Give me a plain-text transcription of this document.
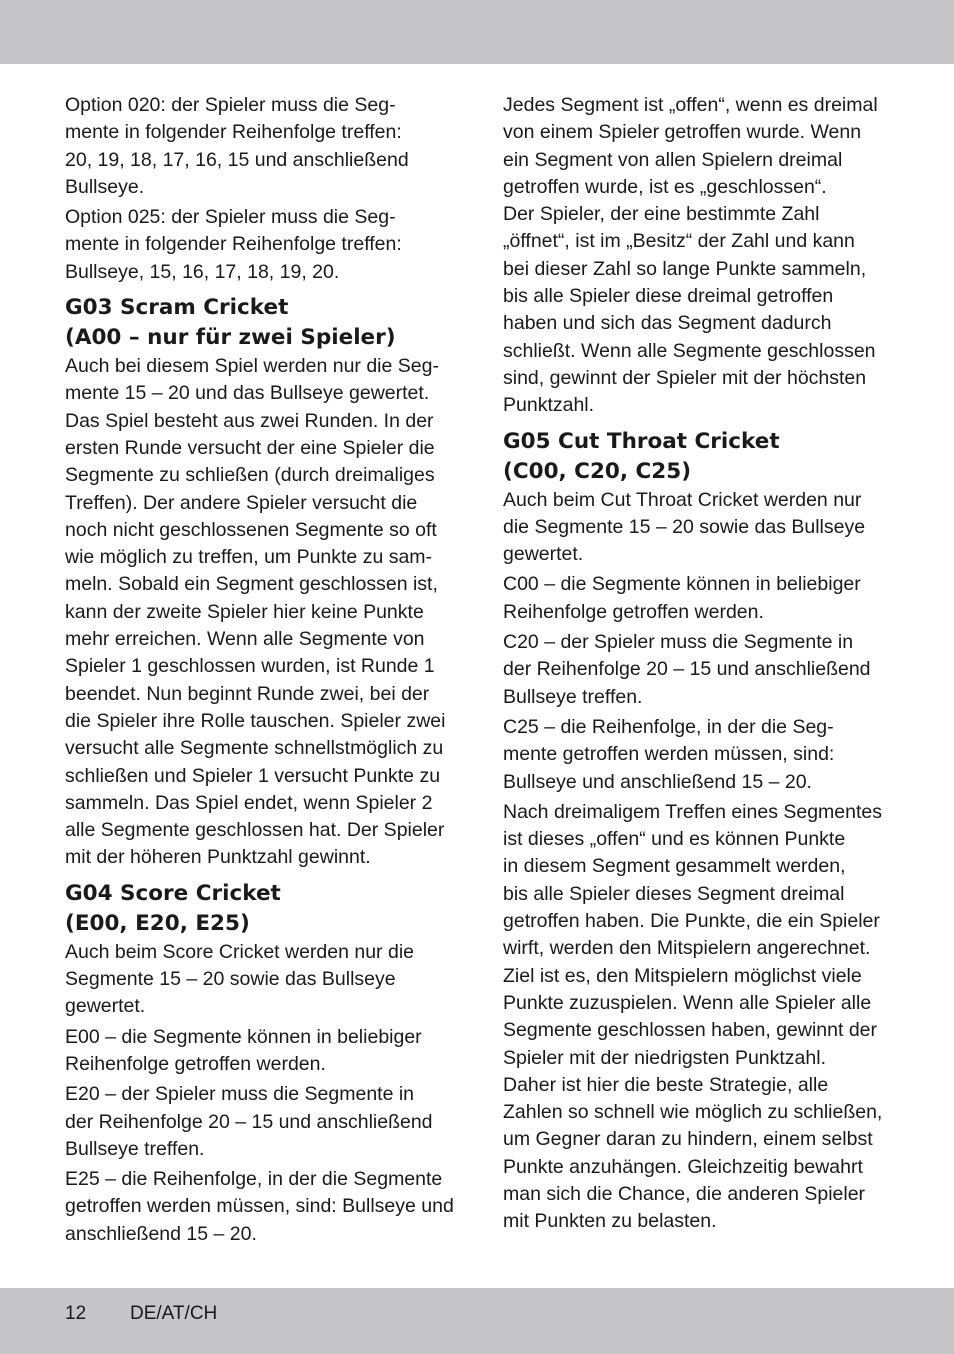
Option 020: der Spieler muss die Seg-
mente in folgender Reihenfolge treffen:
20, 19, 18, 17, 16, 15 und anschließend
Bullseye.

Option 025: der Spieler muss die Seg-
mente in folgender Reihenfolge treffen:
Bullseye, 15, 16, 17, 18, 19, 20.

G03 Scram Cricket
(A00 – nur für zwei Spieler)

Auch bei diesem Spiel werden nur die Seg-
mente 15 – 20 und das Bullseye gewertet.
Das Spiel besteht aus zwei Runden. In der
ersten Runde versucht der eine Spieler die
Segmente zu schließen (durch dreimaliges
Treffen). Der andere Spieler versucht die
noch nicht geschlossenen Segmente so oft
wie möglich zu treffen, um Punkte zu sam-
meln. Sobald ein Segment geschlossen ist,
kann der zweite Spieler hier keine Punkte
mehr erreichen. Wenn alle Segmente von
Spieler 1 geschlossen wurden, ist Runde 1
beendet. Nun beginnt Runde zwei, bei der
die Spieler ihre Rolle tauschen. Spieler zwei
versucht alle Segmente schnellstmöglich zu
schließen und Spieler 1 versucht Punkte zu
sammeln. Das Spiel endet, wenn Spieler 2
alle Segmente geschlossen hat. Der Spieler
mit der höheren Punktzahl gewinnt.

G04 Score Cricket
(E00, E20, E25)

Auch beim Score Cricket werden nur die
Segmente 15 – 20 sowie das Bullseye
gewertet.

E00 – die Segmente können in beliebiger
Reihenfolge getroffen werden.

E20 – der Spieler muss die Segmente in
der Reihenfolge 20 – 15 und anschließend
Bullseye treffen.

E25 – die Reihenfolge, in der die Segmente
getroffen werden müssen, sind: Bullseye und
anschließend 15 – 20.

Jedes Segment ist „offen“, wenn es dreimal
von einem Spieler getroffen wurde. Wenn
ein Segment von allen Spielern dreimal
getroffen wurde, ist es „geschlossen“.
Der Spieler, der eine bestimmte Zahl
„öffnet“, ist im „Besitz“ der Zahl und kann
bei dieser Zahl so lange Punkte sammeln,
bis alle Spieler diese dreimal getroffen
haben und sich das Segment dadurch
schließt. Wenn alle Segmente geschlossen
sind, gewinnt der Spieler mit der höchsten
Punktzahl.

G05 Cut Throat Cricket
(C00, C20, C25)

Auch beim Cut Throat Cricket werden nur
die Segmente 15 – 20 sowie das Bullseye
gewertet.

C00 – die Segmente können in beliebiger
Reihenfolge getroffen werden.

C20 – der Spieler muss die Segmente in
der Reihenfolge 20 – 15 und anschließend
Bullseye treffen.

C25 – die Reihenfolge, in der die Seg-
mente getroffen werden müssen, sind:
Bullseye und anschließend 15 – 20.

Nach dreimaligem Treffen eines Segmentes
ist dieses „offen“ und es können Punkte
in diesem Segment gesammelt werden,
bis alle Spieler dieses Segment dreimal
getroffen haben. Die Punkte, die ein Spieler
wirft, werden den Mitspielern angerechnet.
Ziel ist es, den Mitspielern möglichst viele
Punkte zuzuspielen. Wenn alle Spieler alle
Segmente geschlossen haben, gewinnt der
Spieler mit der niedrigsten Punktzahl.
Daher ist hier die beste Strategie, alle
Zahlen so schnell wie möglich zu schließen,
um Gegner daran zu hindern, einem selbst
Punkte anzuhängen. Gleichzeitig bewahrt
man sich die Chance, die anderen Spieler
mit Punkten zu belasten.

12 DE/AT/CH
